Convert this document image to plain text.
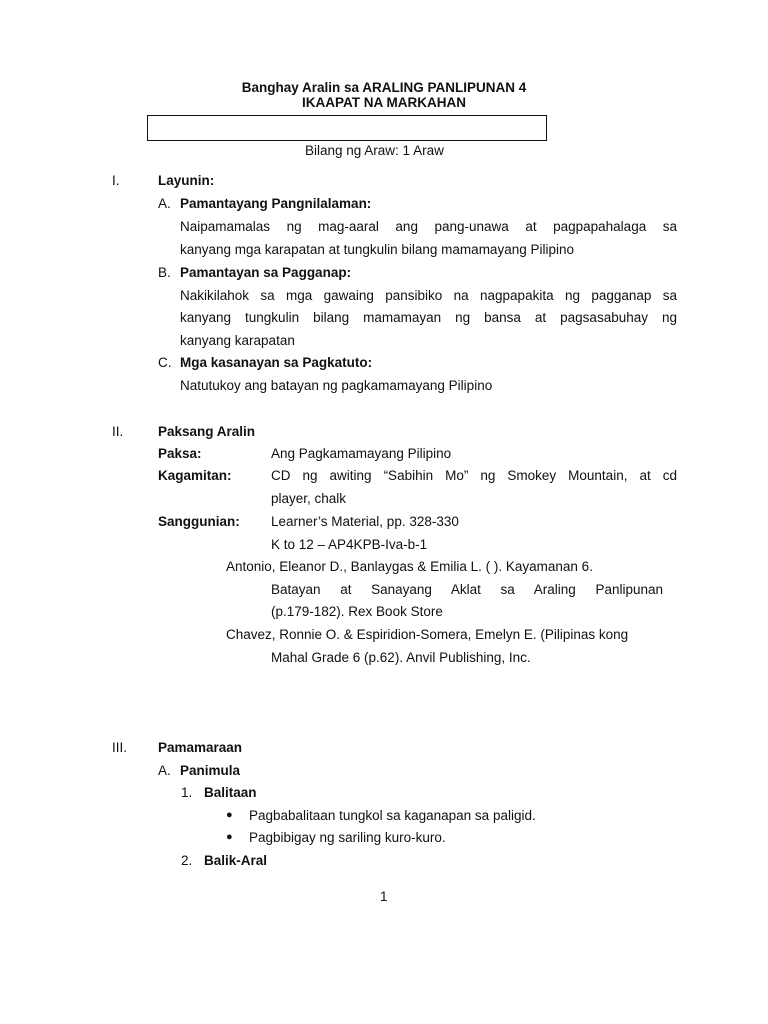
Banghay Aralin sa ARALING PANLIPUNAN 4
IKAAPAT NA MARKAHAN
Bilang ng Araw: 1 Araw
I.	Layunin:
A. Pamantayang Pangnilalaman:
Naipamamalas ng mag-aaral ang pang-unawa at pagpapahalaga sa
kanyang mga karapatan at tungkulin bilang mamamayang Pilipino
B. Pamantayan sa Pagganap:
Nakikilahok sa mga gawaing pansibiko na nagpapakita ng pagganap sa
kanyang tungkulin bilang mamamayan ng bansa at pagsasabuhay ng
kanyang karapatan
C. Mga kasanayan sa Pagkatuto:
Natutukoy ang batayan ng pagkamamayang Pilipino
II.	Paksang Aralin
Paksa:	Ang Pagkamamayang Pilipino
Kagamitan:	CD ng awiting “Sabihin Mo” ng Smokey Mountain, at cd
player, chalk
Sanggunian: Learner’s Material, pp. 328-330
K to 12 – AP4KPB-Iva-b-1
Antonio, Eleanor D., Banlaygas & Emilia L. ( ). Kayamanan 6.
Batayan at Sanayang Aklat sa Araling Panlipunan
(p.179-182). Rex Book Store
Chavez, Ronnie O. & Espiridion-Somera, Emelyn E. (Pilipinas kong
Mahal Grade 6 (p.62). Anvil Publishing, Inc.
III. Pamamaraan
A. Panimula
1. Balitaan
● Pagbabalitaan tungkol sa kaganapan sa paligid.
● Pagbibigay ng sariling kuro-kuro.
2. Balik-Aral
1
